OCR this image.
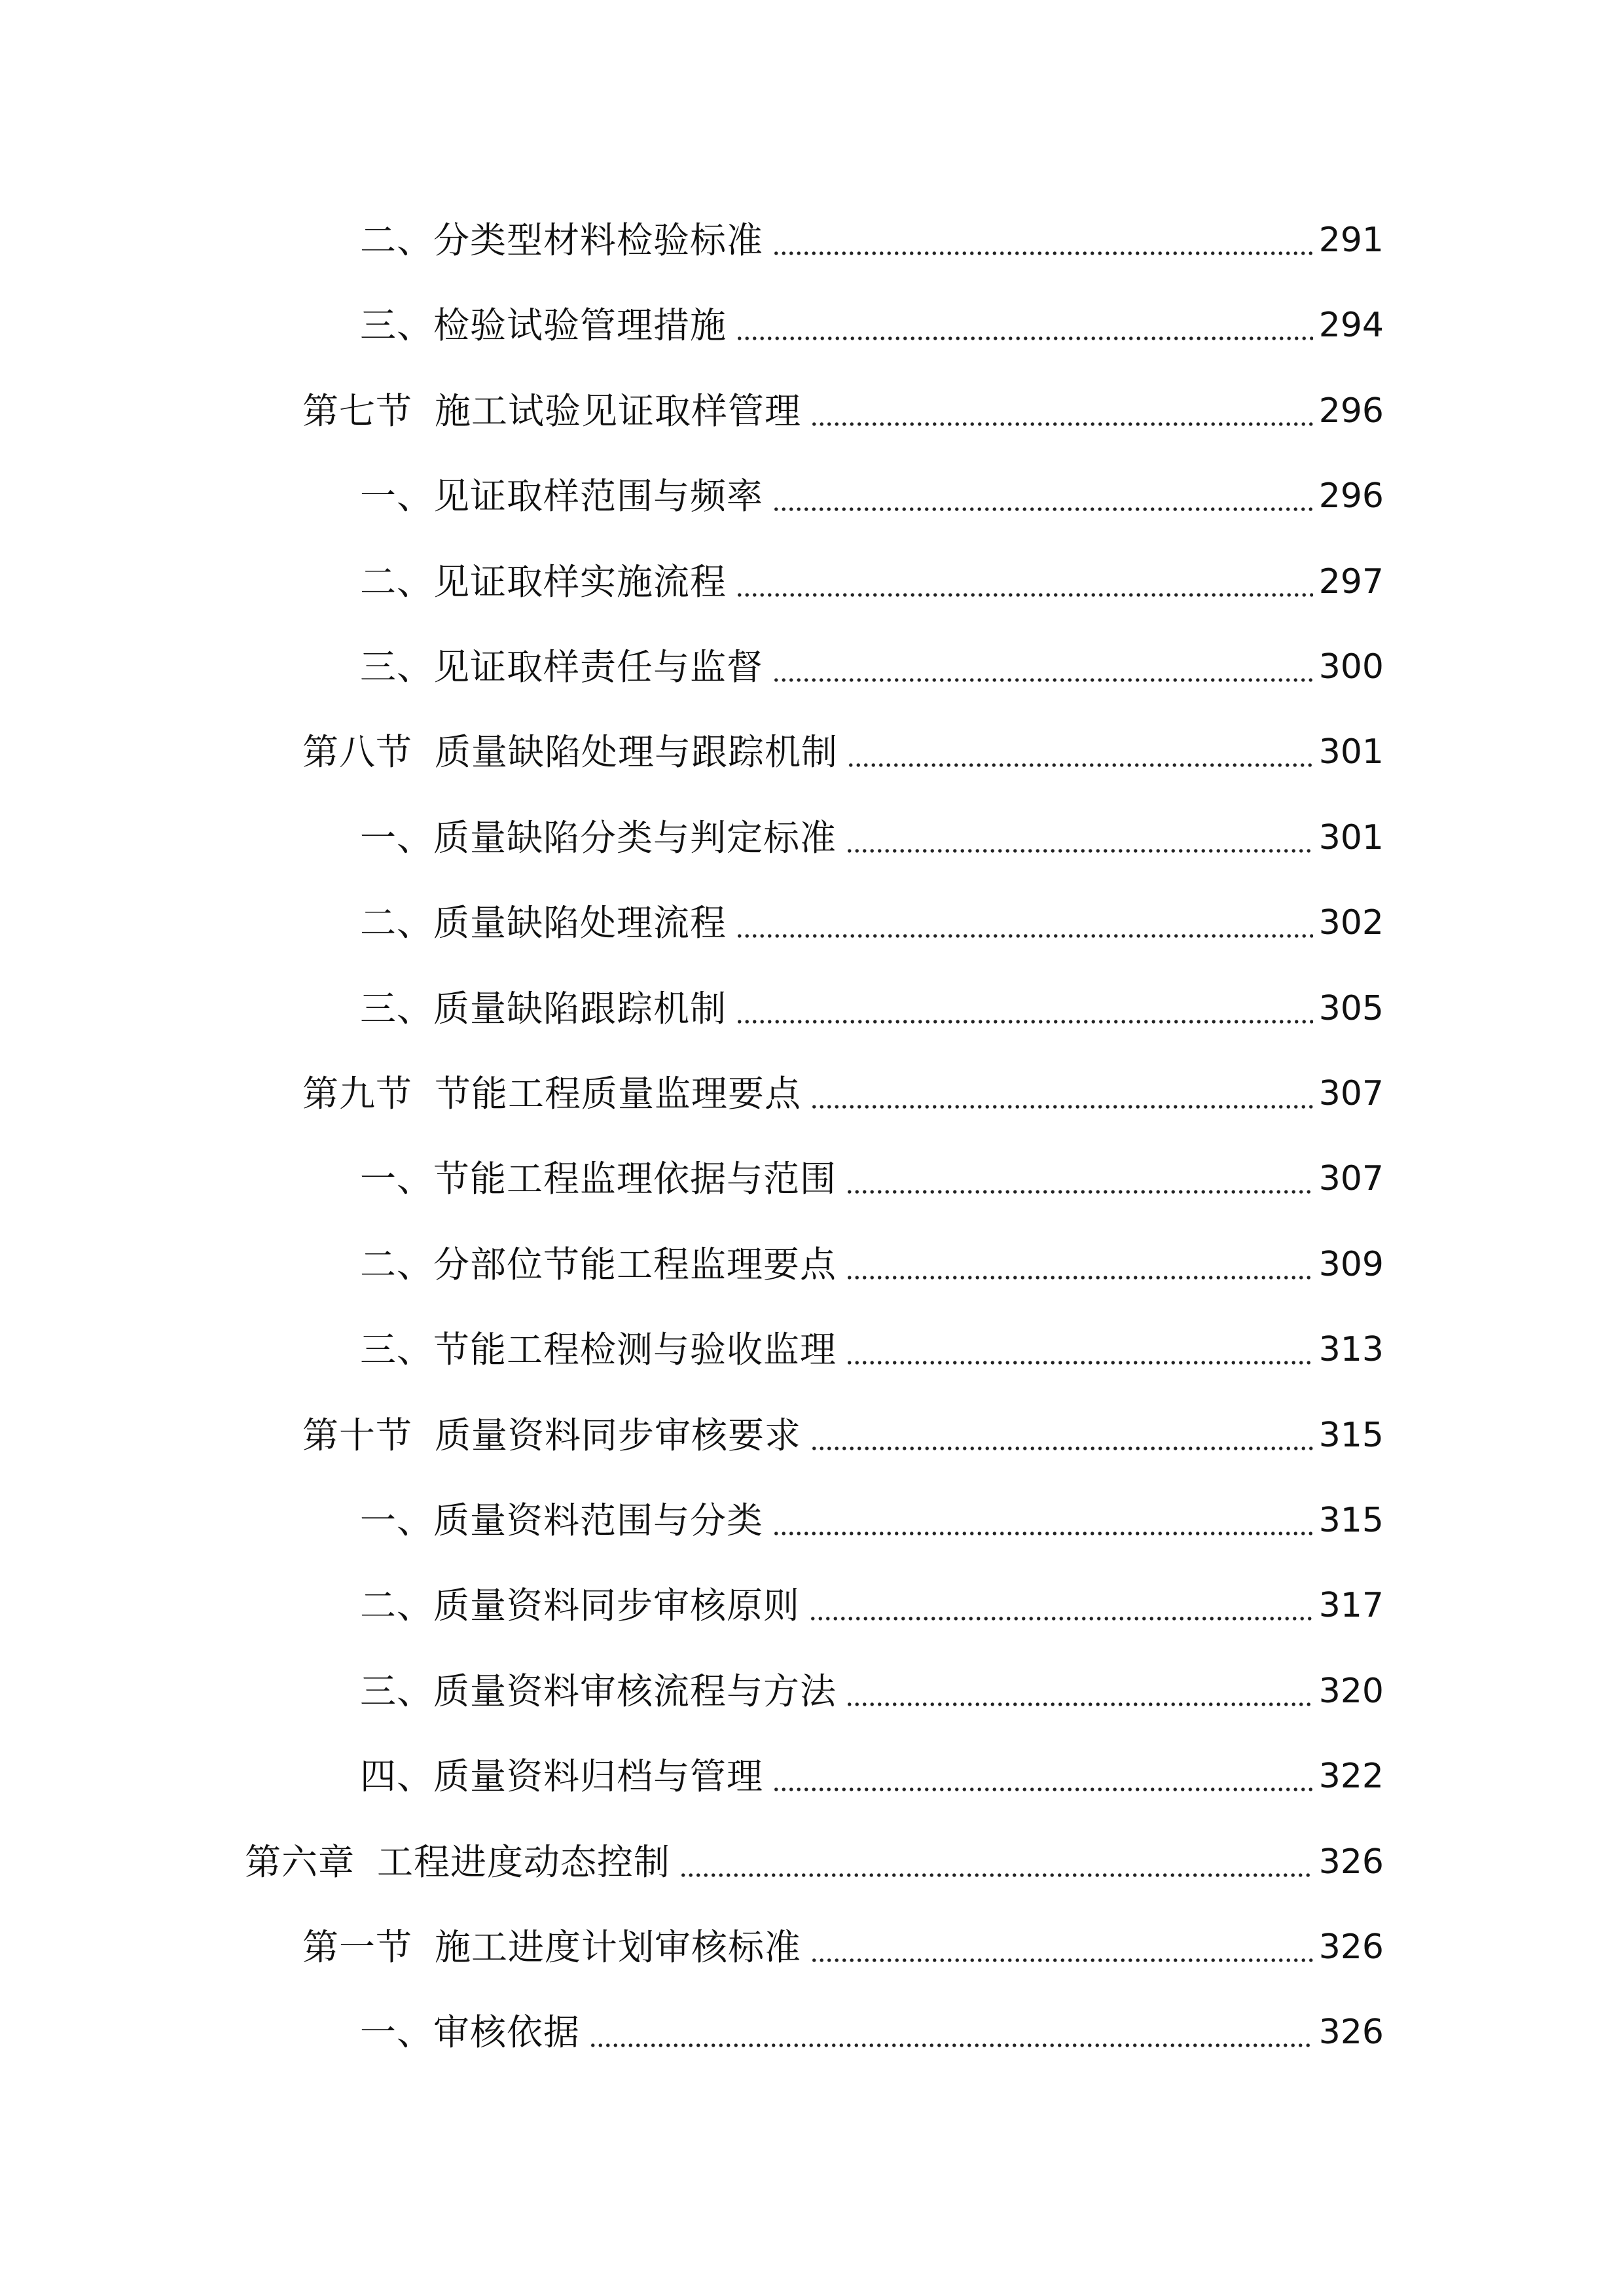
二、分类型材料检验标准	291
三、检验试验管理措施	294
第七节 施工试验见证取样管理	296
一、见证取样范围与频率	296
二、见证取样实施流程	297
三、见证取样责任与监督	300
第八节 质量缺陷处理与跟踪机制	301
一、质量缺陷分类与判定标准	301
二、质量缺陷处理流程	302
三、质量缺陷跟踪机制	305
第九节 节能工程质量监理要点	307
一、节能工程监理依据与范围	307
二、分部位节能工程监理要点	309
三、节能工程检测与验收监理	313
第十节 质量资料同步审核要求	315
一、质量资料范围与分类	315
二、质量资料同步审核原则	317
三、质量资料审核流程与方法	320
四、质量资料归档与管理	322
第六章 工程进度动态控制	326
第一节 施工进度计划审核标准	326
一、审核依据	326
